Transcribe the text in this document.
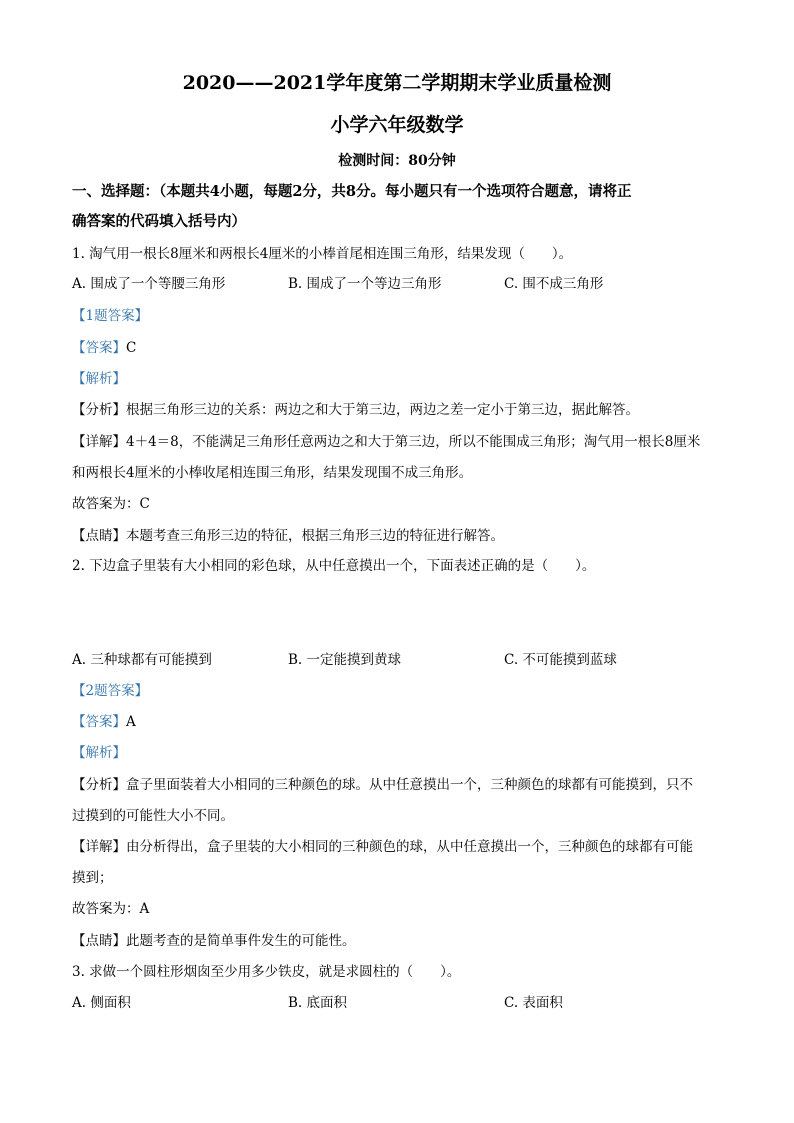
2020——2021学年度第二学期期末学业质量检测
小学六年级数学
检测时间：80分钟
一、选择题：（本题共4小题，每题2分，共8分。每小题只有一个选项符合题意，请将正
确答案的代码填入括号内）
1. 淘气用一根长8厘米和两根长4厘米的小棒首尾相连围三角形，结果发现（　　）。
A. 围成了一个等腰三角形	B. 围成了一个等边三角形	C. 围不成三角形
【1题答案】
【答案】C
【解析】
【分析】根据三角形三边的关系：两边之和大于第三边，两边之差一定小于第三边，据此解答。
【详解】4＋4＝8，不能满足三角形任意两边之和大于第三边，所以不能围成三角形；淘气用一根长8厘米
和两根长4厘米的小棒收尾相连围三角形，结果发现围不成三角形。
故答案为：C
【点睛】本题考查三角形三边的特征，根据三角形三边的特征进行解答。
2. 下边盒子里装有大小相同的彩色球，从中任意摸出一个，下面表述正确的是（　　）。
A. 三种球都有可能摸到	B. 一定能摸到黄球	C. 不可能摸到蓝球
【2题答案】
【答案】A
【解析】
【分析】盒子里面装着大小相同的三种颜色的球。从中任意摸出一个，三种颜色的球都有可能摸到，只不
过摸到的可能性大小不同。
【详解】由分析得出，盒子里装的大小相同的三种颜色的球，从中任意摸出一个，三种颜色的球都有可能
摸到；
故答案为：A
【点睛】此题考查的是简单事件发生的可能性。
3. 求做一个圆柱形烟囱至少用多少铁皮，就是求圆柱的（　　）。
A. 侧面积	B. 底面积	C. 表面积
